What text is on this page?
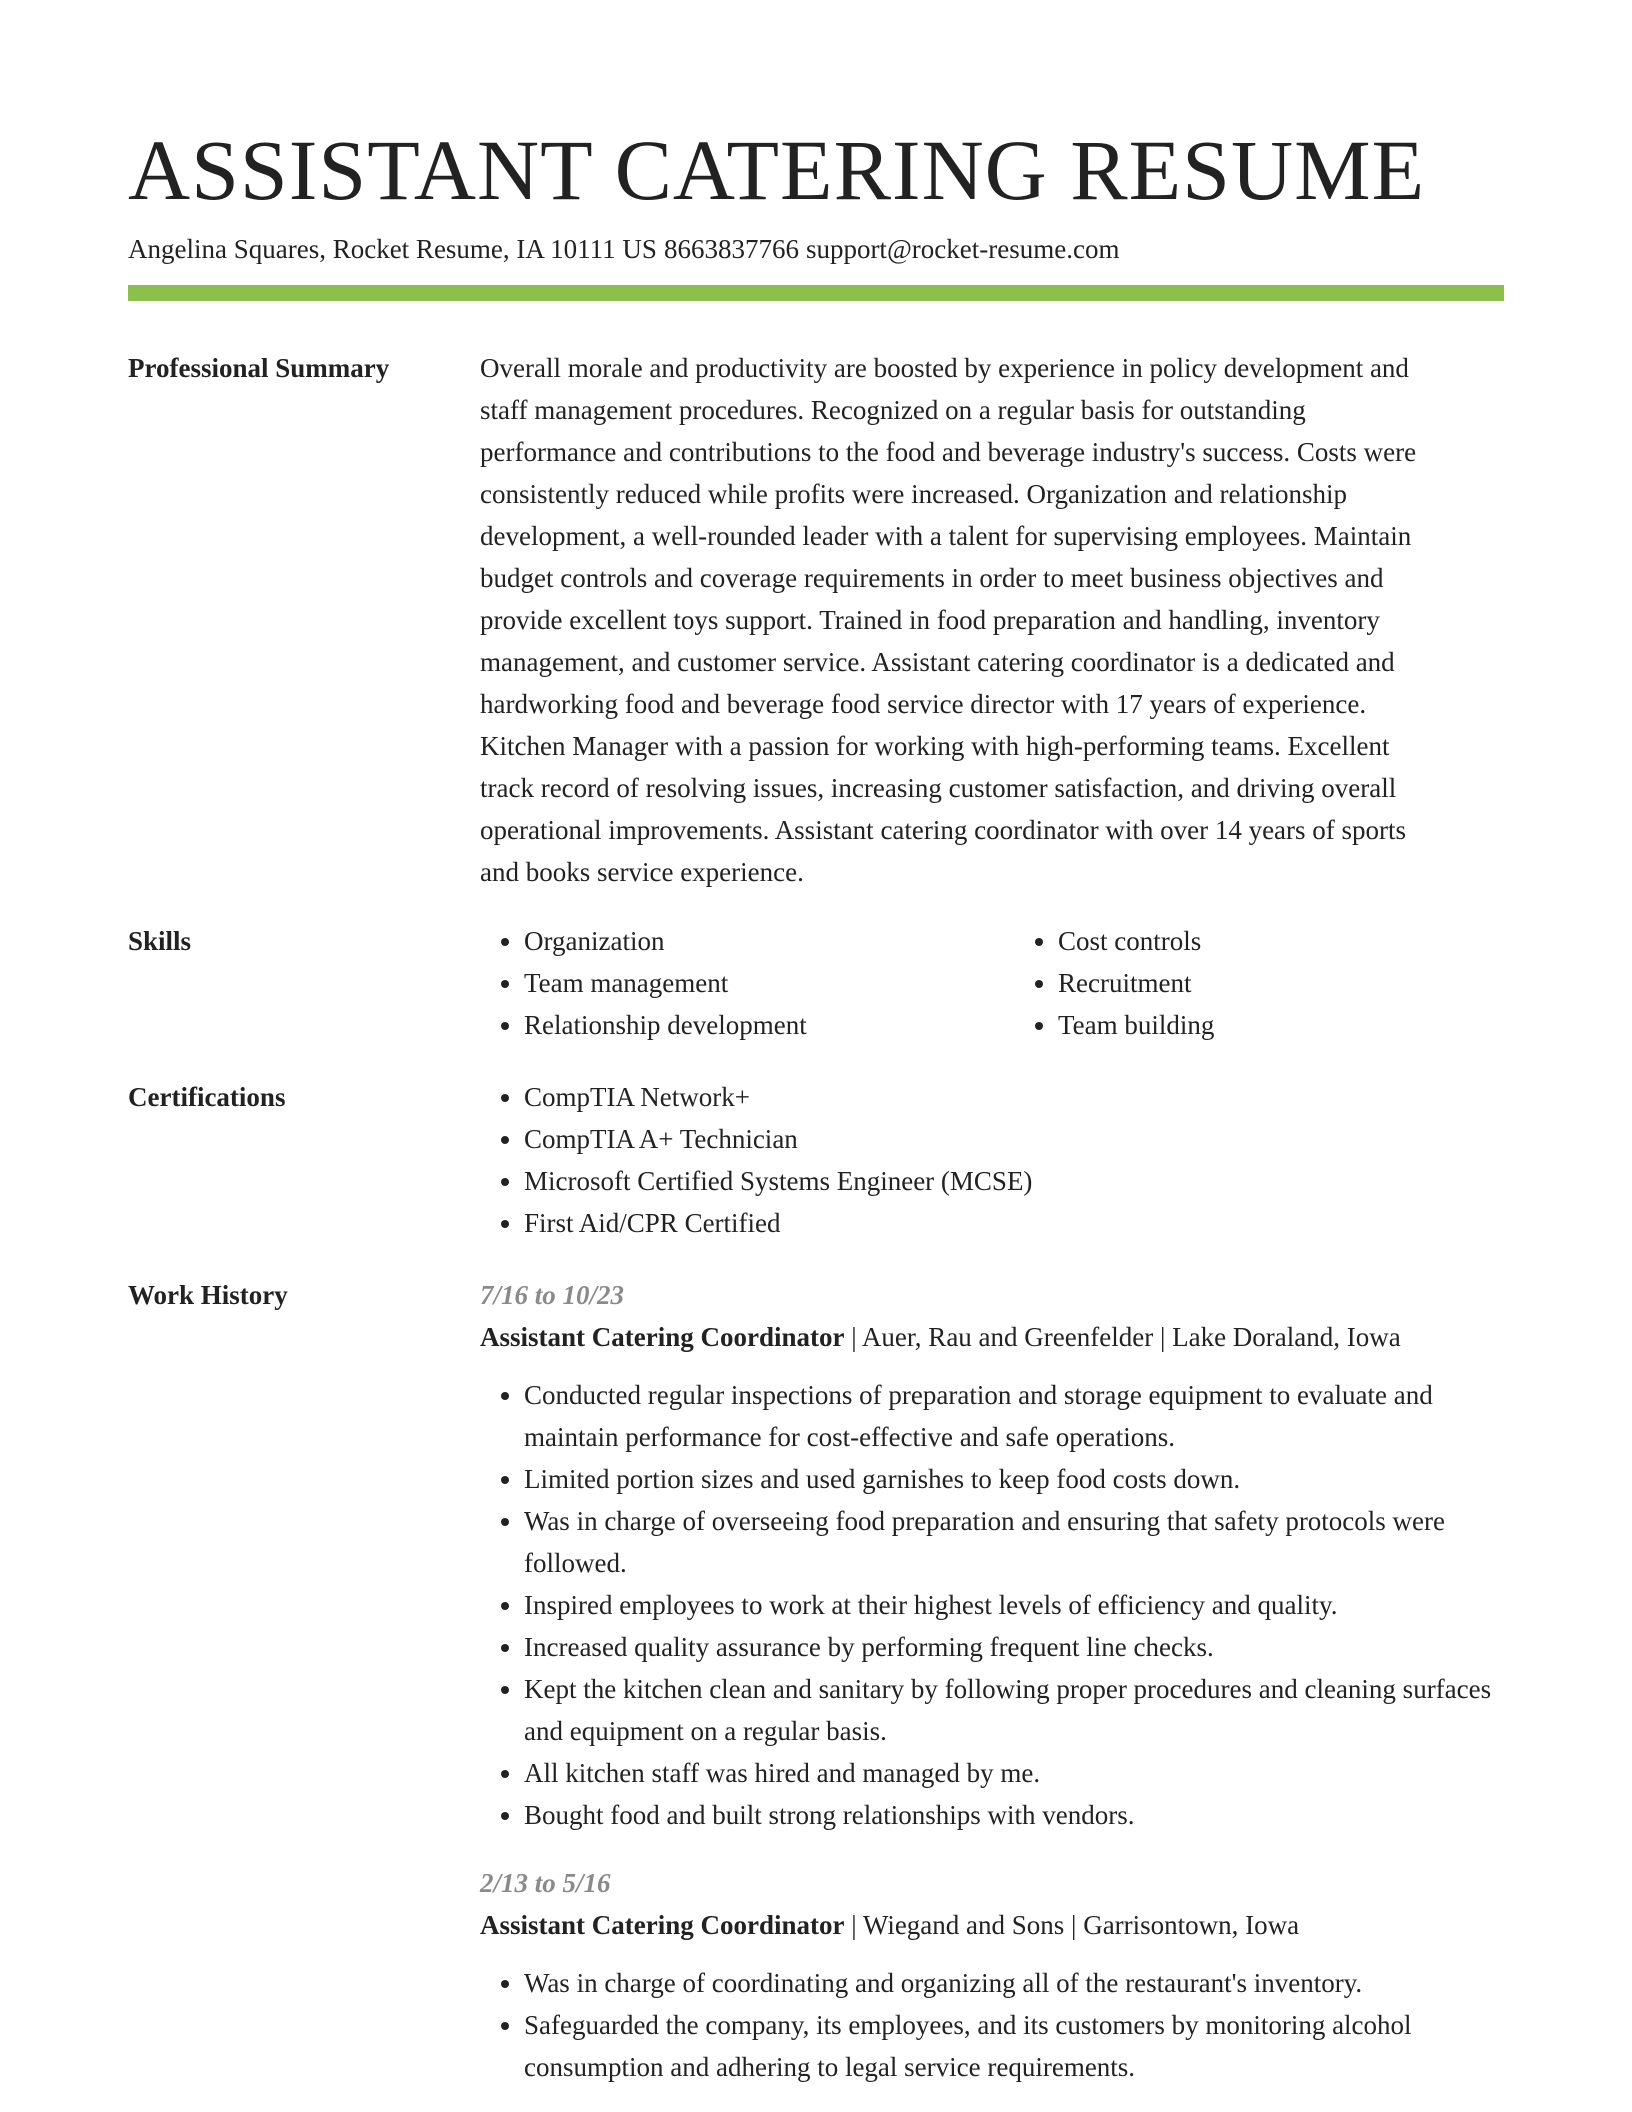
ASSISTANT CATERING RESUME
Angelina Squares, Rocket Resume, IA 10111 US 8663837766 support@rocket-resume.com
Professional Summary	Overall morale and productivity are boosted by experience in policy development and
staff management procedures. Recognized on a regular basis for outstanding
performance and contributions to the food and beverage industry's success. Costs were
consistently reduced while profits were increased. Organization and relationship
development, a well-rounded leader with a talent for supervising employees. Maintain
budget controls and coverage requirements in order to meet business objectives and
provide excellent toys support. Trained in food preparation and handling, inventory
management, and customer service. Assistant catering coordinator is a dedicated and
hardworking food and beverage food service director with 17 years of experience.
Kitchen Manager with a passion for working with high-performing teams. Excellent
track record of resolving issues, increasing customer satisfaction, and driving overall
operational improvements. Assistant catering coordinator with over 14 years of sports
and books service experience.
Skills	• Organization
• Team management
• Relationship development
• Cost controls
• Recruitment
• Team building
Certifications	• CompTIA Network+
• CompTIA A+ Technician
• Microsoft Certified Systems Engineer (MCSE)
• First Aid/CPR Certified
Work History	7/16 to 10/23
Assistant Catering Coordinator | Auer, Rau and Greenfelder | Lake Doraland, Iowa
• Conducted regular inspections of preparation and storage equipment to evaluate and maintain performance for cost-effective and safe operations.
• Limited portion sizes and used garnishes to keep food costs down.
• Was in charge of overseeing food preparation and ensuring that safety protocols were followed.
• Inspired employees to work at their highest levels of efficiency and quality.
• Increased quality assurance by performing frequent line checks.
• Kept the kitchen clean and sanitary by following proper procedures and cleaning surfaces and equipment on a regular basis.
• All kitchen staff was hired and managed by me.
• Bought food and built strong relationships with vendors.
2/13 to 5/16
Assistant Catering Coordinator | Wiegand and Sons | Garrisontown, Iowa
• Was in charge of coordinating and organizing all of the restaurant's inventory.
• Safeguarded the company, its employees, and its customers by monitoring alcohol consumption and adhering to legal service requirements.
